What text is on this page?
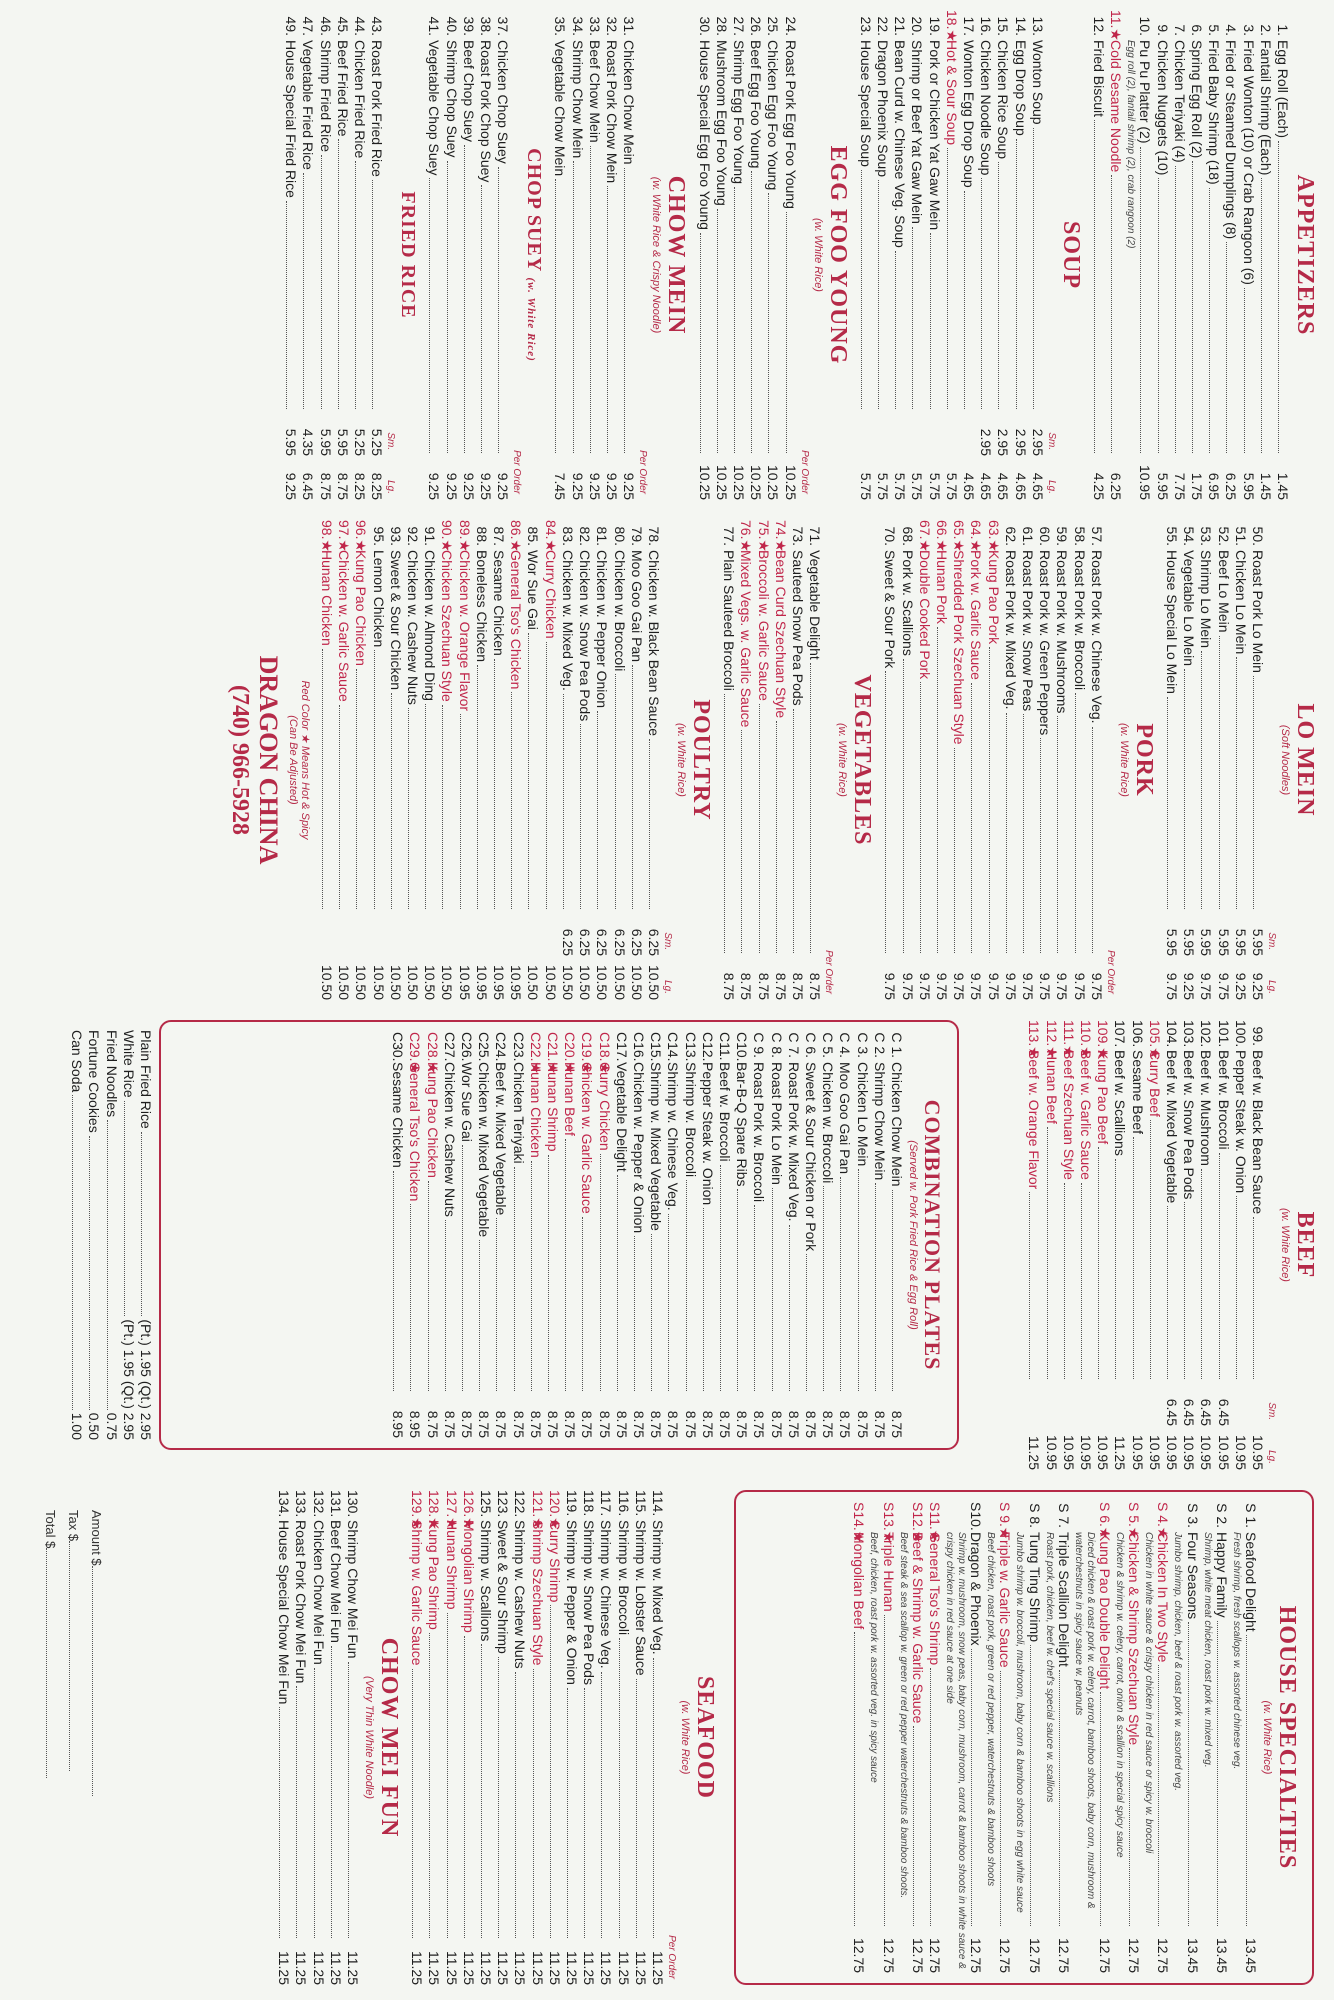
APPETIZERS
1.
Egg Roll (Each)
1.45
2.
Fantail Shrimp (Each)
1.45
3.
Fried Wonton (10) or Crab Rangoon (6)
5.95
4.
Fried or Steamed Dumplings (8)
6.25
5.
Fried Baby Shrimp (18)
6.95
6.
Spring Egg Roll (2)
1.75
7.
Chicken Teriyaki (4)
7.75
9.
Chicken Nuggets (10)
5.95
10.
Pu Pu Platter (2)
10.95
Egg roll (2), fantail shrimp (2), crab rangoon (2)
11.★
Cold Sesame Noodle
6.25
12.
Fried Biscuit
4.25
SOUP
Sm.
Lg.
13.
Wonton Soup
2.95
4.65
14.
Egg Drop Soup
2.95
4.65
15.
Chicken Rice Soup
2.95
4.65
16.
Chicken Noodle Soup
2.95
4.65
17.
Wonton Egg Drop Soup
4.65
18.★
Hot & Sour Soup
5.75
19.
Pork or Chicken Yat Gaw Mein
5.75
20.
Shrimp or Beef Yat Gaw Mein
5.75
21.
Bean Curd w. Chinese Veg. Soup
5.75
22.
Dragon Phoenix Soup
5.75
23.
House Special Soup
5.75
EGG FOO YOUNG
(w. White Rice)
Per Order
24.
Roast Pork Egg Foo Young
10.25
25.
Chicken Egg Foo Young
10.25
26.
Beef Egg Foo Young
10.25
27.
Shrimp Egg Foo Young
10.25
28.
Mushroom Egg Foo Young
10.25
30.
House Special Egg Foo Young
10.25
CHOW MEIN
(w. White Rice & Crispy Noodle)
Per Order
31.
Chicken Chow Mein
9.25
32.
Roast Pork Chow Mein
9.25
33.
Beef Chow Mein
9.25
34.
Shrimp Chow Mein
9.25
35.
Vegetable Chow Mein
7.45
CHOP SUEY (w. White Rice)
Per Order
37.
Chicken Chop Suey
9.25
38.
Roast Pork Chop Suey
9.25
39.
Beef Chop Suey
9.25
40.
Shrimp Chop Suey
9.25
41.
Vegetable Chop Suey
9.25
FRIED RICE
Sm.
Lg.
43.
Roast Pork Fried Rice
5.25
8.25
44.
Chicken Fried Rice
5.25
8.25
45.
Beef Fried Rice
5.95
8.75
46.
Shrimp Fried Rice
5.95
8.75
47.
Vegetable Fried Rice
4.35
6.45
49.
House Special Fried Rice
5.95
9.25
LO MEIN
(Soft Noodles)
Sm.
Lg.
50.
Roast Pork Lo Mein
5.95
9.25
51.
Chicken Lo Mein
5.95
9.25
52.
Beef Lo Mein
5.95
9.75
53.
Shrimp Lo Mein
5.95
9.75
54.
Vegetable Lo Mein
5.95
9.25
55.
House Special Lo Mein
5.95
9.75
PORK
(w. White Rice)
Per Order
57.
Roast Pork w. Chinese Veg.
9.75
58.
Roast Pork w. Broccoli
9.75
59.
Roast Pork w. Mushrooms
9.75
60.
Roast Pork w. Green Peppers
9.75
61.
Roast Pork w. Snow Peas
9.75
62.
Roast Pork w. Mixed Veg.
9.75
63.★
Kung Pao Pork
9.75
64.★
Pork w. Garlic Sauce
9.75
65.★
Shredded Pork Szechuan Style
9.75
66.★
Hunan Pork
9.75
67.★
Double Cooked Pork
9.75
68.
Pork w. Scallions
9.75
70.
Sweet & Sour Pork
9.75
VEGETABLES
(w. White Rice)
Per Order
71.
Vegetable Delight
8.75
73.
Sauteed Snow Pea Pods
8.75
74.★
Bean Curd Szechuan Style
8.75
75.★
Broccoli w. Garlic Sauce
8.75
76.★
Mixed Vegs. w. Garlic Sauce
8.75
77.
Plain Sauteed Broccoli
8.75
POULTRY
(w. White Rice)
Sm.
Lg.
78.
Chicken w. Black Bean Sauce
6.25
10.50
79.
Moo Goo Gai Pan
6.25
10.50
80.
Chicken w. Broccoli
6.25
10.50
81.
Chicken w. Pepper Onion
6.25
10.50
82.
Chicken w. Snow Pea Pods
6.25
10.50
83.
Chicken w. Mixed Veg.
6.25
10.50
84.★
Curry Chicken
10.50
85.
Wor Sue Gai
10.50
86.★
General Tso's Chicken
10.95
87.
Sesame Chicken
10.95
88.
Boneless Chicken
10.95
89.★
Chicken w. Orange Flavor
10.95
90.★
Chicken Szechuan Style
10.50
91.
Chicken w. Almond Ding
10.50
92.
Chicken w. Cashew Nuts
10.50
93.
Sweet & Sour Chicken
10.50
95.
Lemon Chicken
10.50
96.★
Kung Pao Chicken
10.50
97.★
Chicken w. Garlic Sauce
10.50
98.★
Hunan Chicken
10.50
Red Color ★ Means Hot & Spicy
(Can Be Adjusted)
DRAGON CHINA
(740) 966-5928
BEEF
(w. White Rice)
Sm.
Lg.
99.
Beef w. Black Bean Sauce
10.95
100.
Pepper Steak w. Onion
10.95
101.
Beef w. Broccoli
6.45
10.95
102.
Beef w. Mushroom
6.45
10.95
103.
Beef w. Snow Pea Pods
6.45
10.95
104.
Beef w. Mixed Vegetable
6.45
10.95
105.★
Curry Beef
10.95
106.
Sesame Beef
10.95
107.
Beef w. Scallions
11.25
109.★
Kung Pao Beef
10.95
110.★
Beef w. Garlic Sauce
10.95
111.★
Beef Szechuan Style
10.95
112.★
Hunan Beef
10.95
113.★
Beef w. Orange Flavor
11.25
COMBINATION PLATES
(Served w. Pork Fried Rice & Egg Roll)
C 1.
Chicken Chow Mein
8.75
C 2.
Shrimp Chow Mein
8.75
C 3.
Chicken Lo Mein
8.75
C 4.
Moo Goo Gai Pan
8.75
C 5.
Chicken w. Broccoli
8.75
C 6.
Sweet & Sour Chicken or Pork
8.75
C 7.
Roast Pork w. Mixed Veg.
8.75
C 8.
Roast Pork Lo Mein
8.75
C 9.
Roast Pork w. Broccoli
8.75
C10.
Bar-B-Q Spare Ribs
8.75
C11.
Beef w. Broccoli
8.75
C12.
Pepper Steak w. Onion
8.75
C13.
Shrimp w. Broccoli
8.75
C14.
Shrimp w. Chinese Veg.
8.75
C15.
Shrimp w. Mixed Vegetable
8.75
C16.
Chicken w. Pepper & Onion
8.75
C17.
Vegetable Delight
8.75
C18.★
Curry Chicken
8.75
C19.★
Chicken w. Garlic Sauce
8.75
C20.★
Hunan Beef
8.75
C21.★
Hunan Shrimp
8.75
C22.★
Hunan Chicken
8.75
C23.
Chicken Teriyaki
8.75
C24.
Beef w. Mixed Vegetable
8.75
C25.
Chicken w. Mixed Vegetable
8.75
C26.
Wor Sue Gai
8.75
C27.
Chicken w. Cashew Nuts
8.75
C28.★
Kung Pao Chicken
8.75
C29.★
General Tso's Chicken
8.95
C30.
Sesame Chicken
8.95
HOUSE SPECIALTIES
(w. White Rice)
S 1.
Seafood Delight
13.45
Fresh shrimp, fresh scallops w. assorted chinese veg.
S 2.
Happy Family
13.45
Shrimp, white meat chicken, roast pork w. mixed veg.
S 3.
Four Seasons
13.45
Jumbo shrimp, chicken, beef & roast pork w. assorted veg.
S 4.★
Chicken In Two Style
12.75
Chicken in white sauce & crispy chicken in red sauce or spicy w. broccoli
S 5.★
Chicken & Shrimp Szechuan Style
12.75
Chicken & shrimp w. celery, carrot, onion & scallion in special spicy sauce
S 6.★
Kung Pao Double Delight
12.75
Diced chicken & roast pork w. celery, carrot, bamboo shoots, baby corn, mushroom & waterchestnuts in spicy sauce w. peanuts
S 7.
Triple Scallion Delight
12.75
Roast pork, chicken, beef w. chef's special sauce w. scallions
S 8.
Tung Ting Shrimp
12.75
Jumbo shrimp w. broccoli, mushroom, baby corn & bamboo shoots in egg white sauce
S 9.★
Triple w. Garlic Sauce
12.75
Beef chicken, roast pork, green or red pepper, waterchestnuts & bamboo shoots
S10.
Dragon & Phoenix
12.75
Shrimp w. mushroom, snow peas, baby corn, mushroom, carrot & bamboo shoots in white sauce & crispy chicken in red sauce at one side
S11.★
General Tso's Shrimp
12.75
S12.★
Beef & Shrimp w. Garlic Sauce
12.75
Beef steak & sea scallop w. green or red pepper waterchestnuts & bamboo shoots.
S13.★
Triple Hunan
12.75
Beef, chicken, roast pork w. assorted veg. in spicy sauce
S14.★
Mongolian Beef
12.75
SEAFOOD
(w. White Rice)
Per Order
114.
Shrimp w. Mixed Veg.
11.25
115.
Shrimp w. Lobster Sauce
11.25
116.
Shrimp w. Broccoli
11.25
117.
Shrimp w. Chinese Veg.
11.25
118.
Shrimp w. Snow Pea Pods
11.25
119.
Shrimp w. Pepper & Onion
11.25
120.★
Curry Shrimp
11.25
121.★
Shrimp Szechuan Style
11.25
122.
Shrimp w. Cashew Nuts
11.25
123.
Sweet & Sour Shrimp
11.25
125.
Shrimp w. Scallions
11.25
126.★
Mongolian Shrimp
11.25
127.★
Hunan Shrimp
11.25
128.★
Kung Pao Shrimp
11.25
129.★
Shrimp w. Garlic Sauce
11.25
CHOW MEI FUN
(Very Thin White Noodle)
130.
Shrimp Chow Mei Fun
11.25
131.
Beef Chow Mei Fun
11.25
132.
Chicken Chow Mei Fun
11.25
133.
Roast Pork Chow Mei Fun
11.25
134.
House Special Chow Mei Fun
11.25
Plain Fried Rice
(Pt.) 1.95 (Qt.) 2.95
White Rice
(Pt.) 1.95 (Qt.) 2.95
Fried Noodles
0.75
Fortune Cookies
0.50
Can Soda
1.00
Amount $
Tax $
Total $
